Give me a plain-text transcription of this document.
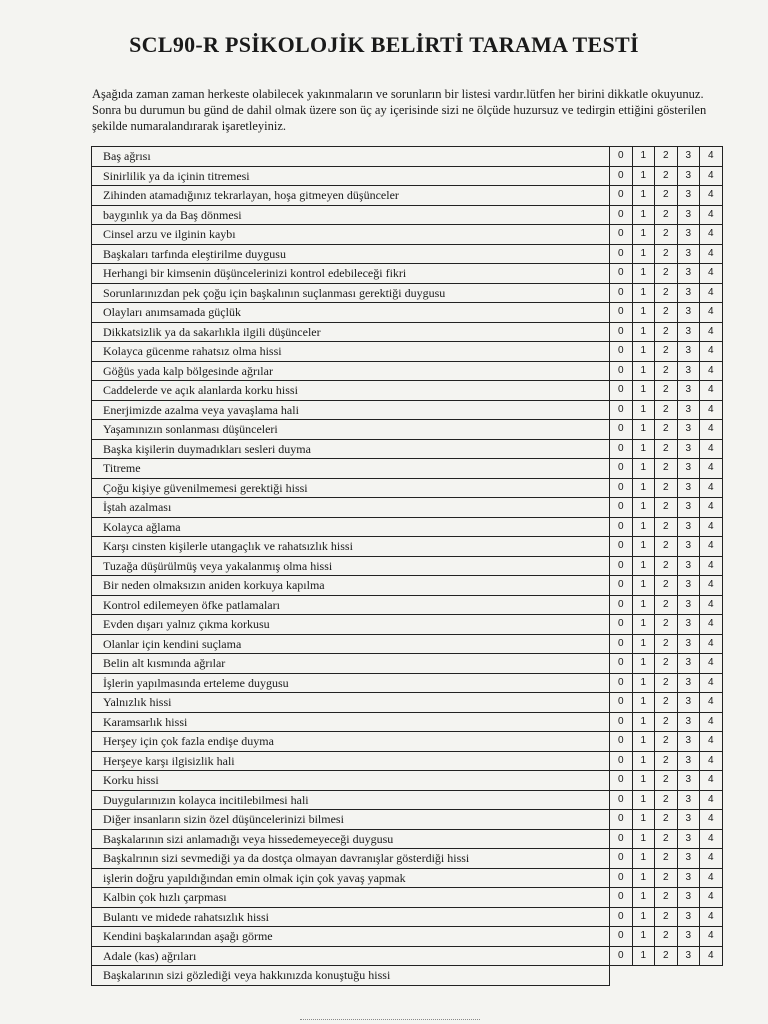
SCL90-R PSİKOLOJİK BELİRTİ TARAMA TESTİ
Aşağıda zaman zaman herkeste olabilecek yakınmaların ve sorunların bir listesi vardır.lütfen her birini dikkatle okuyunuz.
Sonra bu durumun bu günd de dahil olmak üzere son üç ay içerisinde sizi ne ölçüde huzursuz ve tedirgin ettiğini gösterilen
şekilde numaralandırarak işaretleyiniz.
Baş ağrısı	0	1	2	3	4
Sinirlilik ya da içinin titremesi	0	1	2	3	4
Zihinden atamadığınız tekrarlayan, hoşa gitmeyen düşünceler	0	1	2	3	4
baygınlık ya da Baş dönmesi	0	1	2	3	4
Cinsel arzu ve ilginin kaybı	0	1	2	3	4
Başkaları tarfında eleştirilme duygusu	0	1	2	3	4
Herhangi bir kimsenin düşüncelerinizi kontrol edebileceği fikri	0	1	2	3	4
Sorunlarınızdan pek çoğu için başkalının suçlanması gerektiği duygusu	0	1	2	3	4
Olayları anımsamada güçlük	0	1	2	3	4
Dikkatsizlik ya da sakarlıkla ilgili düşünceler	0	1	2	3	4
Kolayca gücenme rahatsız olma hissi	0	1	2	3	4
Göğüs yada kalp bölgesinde ağrılar	0	1	2	3	4
Caddelerde ve açık alanlarda korku hissi	0	1	2	3	4
Enerjimizde azalma veya yavaşlama hali	0	1	2	3	4
Yaşamınızın sonlanması düşünceleri	0	1	2	3	4
Başka kişilerin duymadıkları sesleri duyma	0	1	2	3	4
Titreme	0	1	2	3	4
Çoğu kişiye güvenilmemesi gerektiği hissi	0	1	2	3	4
İştah azalması	0	1	2	3	4
Kolayca ağlama	0	1	2	3	4
Karşı cinsten kişilerle utangaçlık ve rahatsızlık hissi	0	1	2	3	4
Tuzağa düşürülmüş veya yakalanmış olma hissi	0	1	2	3	4
Bir neden olmaksızın aniden korkuya kapılma	0	1	2	3	4
Kontrol edilemeyen öfke patlamaları	0	1	2	3	4
Evden dışarı yalnız çıkma korkusu	0	1	2	3	4
Olanlar için kendini suçlama	0	1	2	3	4
Belin alt kısmında ağrılar	0	1	2	3	4
İşlerin yapılmasında erteleme duygusu	0	1	2	3	4
Yalnızlık hissi	0	1	2	3	4
Karamsarlık hissi	0	1	2	3	4
Herşey için çok fazla endişe duyma	0	1	2	3	4
Herşeye karşı ilgisizlik hali	0	1	2	3	4
Korku hissi	0	1	2	3	4
Duygularınızın kolayca incitilebilmesi hali	0	1	2	3	4
Diğer insanların sizin özel düşüncelerinizi bilmesi	0	1	2	3	4
Başkalarının sizi anlamadığı veya hissedemeyeceği duygusu	0	1	2	3	4
Başkalrının sizi sevmediği ya da dostça olmayan davranışlar gösterdiği hissi	0	1	2	3	4
işlerin doğru yapıldığından emin olmak için çok yavaş yapmak	0	1	2	3	4
Kalbin çok hızlı çarpması	0	1	2	3	4
Bulantı ve midede rahatsızlık hissi	0	1	2	3	4
Kendini başkalarından aşağı görme	0	1	2	3	4
Adale (kas) ağrıları	0	1	2	3	4
Başkalarının sizi gözlediği veya hakkınızda konuştuğu hissi					
